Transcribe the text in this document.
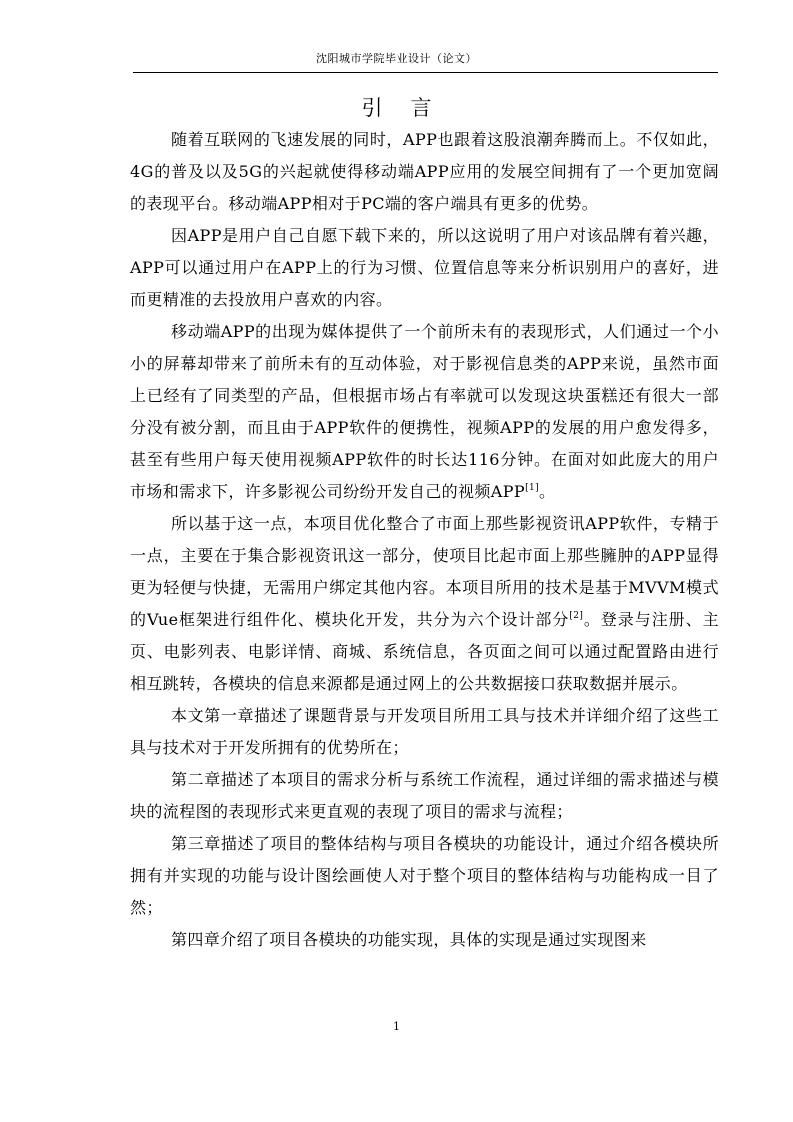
沈阳城市学院毕业设计（论文）
引言

随着互联网的飞速发展的同时，APP也跟着这股浪潮奔腾而上。不仅如此，4G的普及以及5G的兴起就使得移动端APP应用的发展空间拥有了一个更加宽阔的表现平台。移动端APP相对于PC端的客户端具有更多的优势。

因APP是用户自己自愿下载下来的，所以这说明了用户对该品牌有着兴趣，APP可以通过用户在APP上的行为习惯、位置信息等来分析识别用户的喜好，进而更精准的去投放用户喜欢的内容。

移动端APP的出现为媒体提供了一个前所未有的表现形式，人们通过一个小小的屏幕却带来了前所未有的互动体验，对于影视信息类的APP来说，虽然市面上已经有了同类型的产品，但根据市场占有率就可以发现这块蛋糕还有很大一部分没有被分割，而且由于APP软件的便携性，视频APP的发展的用户愈发得多，甚至有些用户每天使用视频APP软件的时长达116分钟。在面对如此庞大的用户市场和需求下，许多影视公司纷纷开发自己的视频APP[1]。

所以基于这一点，本项目优化整合了市面上那些影视资讯APP软件，专精于一点，主要在于集合影视资讯这一部分，使项目比起市面上那些臃肿的APP显得更为轻便与快捷，无需用户绑定其他内容。本项目所用的技术是基于MVVM模式的Vue框架进行组件化、模块化开发，共分为六个设计部分[2]。登录与注册、主页、电影列表、电影详情、商城、系统信息，各页面之间可以通过配置路由进行相互跳转，各模块的信息来源都是通过网上的公共数据接口获取数据并展示。

本文第一章描述了课题背景与开发项目所用工具与技术并详细介绍了这些工具与技术对于开发所拥有的优势所在；

第二章描述了本项目的需求分析与系统工作流程，通过详细的需求描述与模块的流程图的表现形式来更直观的表现了项目的需求与流程；

第三章描述了项目的整体结构与项目各模块的功能设计，通过介绍各模块所拥有并实现的功能与设计图绘画使人对于整个项目的整体结构与功能构成一目了然；

第四章介绍了项目各模块的功能实现，具体的实现是通过实现图来

1
